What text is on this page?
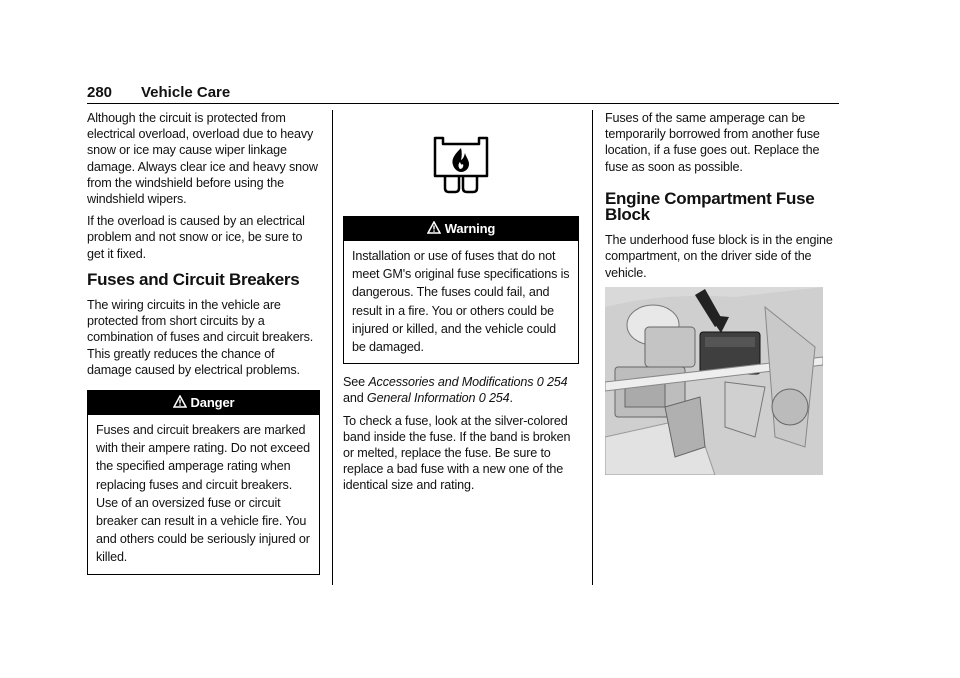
280 Vehicle Care

Although the circuit is protected from electrical overload, overload due to heavy snow or ice may cause wiper linkage damage. Always clear ice and heavy snow from the windshield before using the windshield wipers.

If the overload is caused by an electrical problem and not snow or ice, be sure to get it fixed.

Fuses and Circuit Breakers

The wiring circuits in the vehicle are protected from short circuits by a combination of fuses and circuit breakers. This greatly reduces the chance of damage caused by electrical problems.

Danger
Fuses and circuit breakers are marked with their ampere rating. Do not exceed the specified amperage rating when replacing fuses and circuit breakers. Use of an oversized fuse or circuit breaker can result in a vehicle fire. You and others could be seriously injured or killed.
Warning
Installation or use of fuses that do not meet GM's original fuse specifications is dangerous. The fuses could fail, and result in a fire. You or others could be injured or killed, and the vehicle could be damaged.

See Accessories and Modifications 0 254 and General Information 0 254.

To check a fuse, look at the silver-colored band inside the fuse. If the band is broken or melted, replace the fuse. Be sure to replace a bad fuse with a new one of the identical size and rating.

Fuses of the same amperage can be temporarily borrowed from another fuse location, if a fuse goes out. Replace the fuse as soon as possible.

Engine Compartment Fuse Block

The underhood fuse block is in the engine compartment, on the driver side of the vehicle.
